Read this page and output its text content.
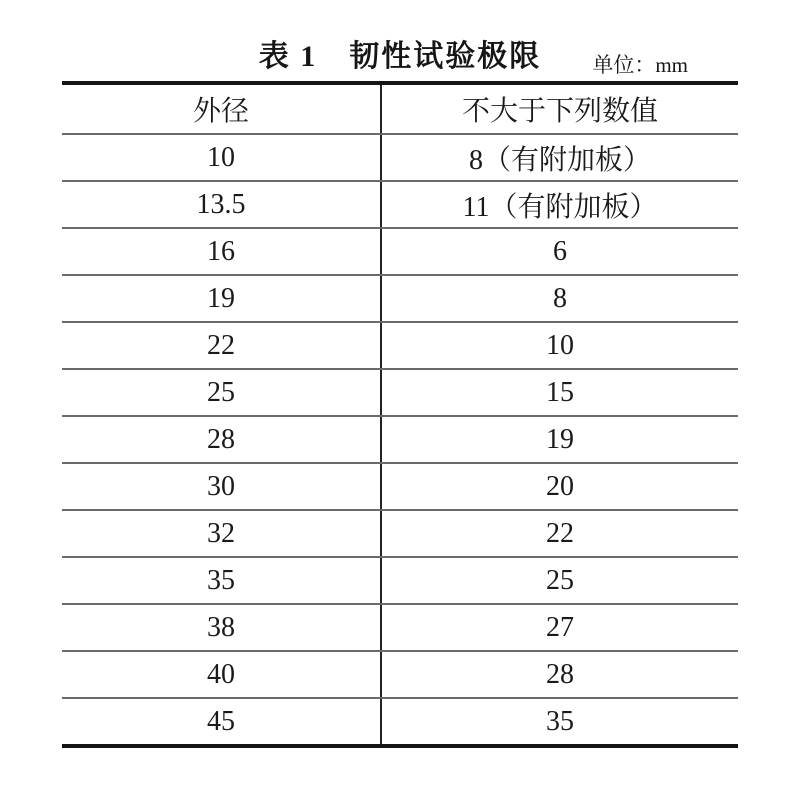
表 1　韧性试验极限	单位：mm
外径	不大于下列数值
10	8（有附加板）
13.5	11（有附加板）
16	6
19	8
22	10
25	15
28	19
30	20
32	22
35	25
38	27
40	28
45	35
